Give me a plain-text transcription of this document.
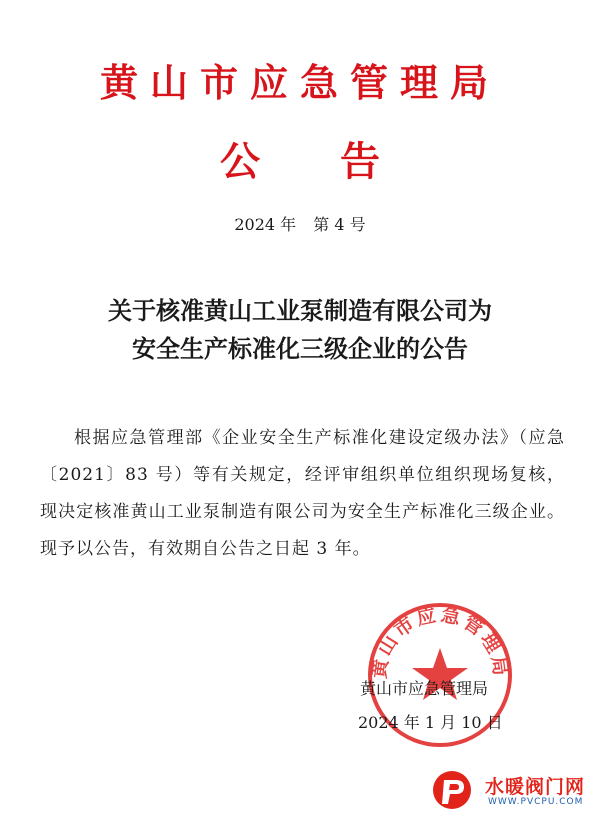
黄山市应急管理局
公告
2024 年 第 4 号
关于核准黄山工业泵制造有限公司为
安全生产标准化三级企业的公告
根据应急管理部《企业安全生产标准化建设定级办法》（应急〔2021〕83 号）等有关规定，经评审组织单位组织现场复核，现决定核准黄山工业泵制造有限公司为安全生产标准化三级企业。现予以公告，有效期自公告之日起 3 年。
黄山市应急管理局
黄山市应急管理局
2024 年 1 月 10 日
水暖阀门网
WWW.PVCPU.COM
